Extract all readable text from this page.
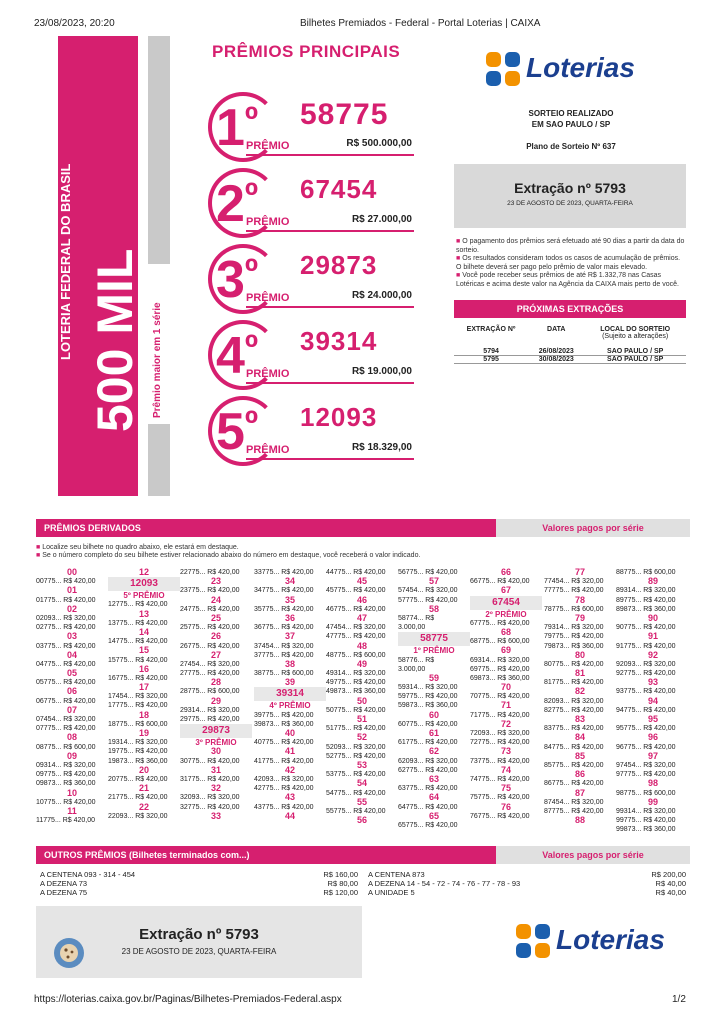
23/08/2023, 20:20	Bilhetes Premiados - Federal - Portal Loterias | CAIXA
LOTERIA FEDERAL DO BRASIL 500 MIL Prêmio maior em 1 série
PRÊMIOS PRINCIPAIS
$1^º$ 58775
PRÊMIO	R$ 500.000,00
$2^º$ 67454
PRÊMIO	R$ 27.000,00
$3^º$ 29873
PRÊMIO	R$ 24.000,00
$4^º$ 39314
PRÊMIO	R$ 19.000,00
$5^º$ 12093
PRÊMIO	R$ 18.329,00
Loterias
SORTEIO REALIZADO
EM SAO PAULO / SP
Plano de Sorteio Nº 637
Extração nº 5793
23 DE AGOSTO DE 2023, QUARTA-FEIRA
■ O pagamento dos prêmios será efetuado até 90 dias a partir da data do sorteio.
■ Os resultados consideram todos os casos de acumulação de prêmios. O bilhete deverá ser pago pelo prêmio de valor mais elevado.
■ Você pode receber seus prêmios de até R$ 1.332,78 nas Casas Lotéricas e acima deste valor na Agência da CAIXA mais perto de você.
PRÓXIMAS EXTRAÇÕES
EXTRAÇÃO Nº	DATA	LOCAL DO SORTEIO
		(Sujeito a alterações)

5794	26/08/2023	SAO PAULO / SP
5795	30/08/2023	SAO PAULO / SP
PRÊMIOS DERIVADOS	Valores pagos por série
■ Localize seu bilhete no quadro abaixo, ele estará em destaque.
■ Se o número completo do seu bilhete estiver relacionado abaixo do número em destaque, você receberá o valor indicado.
00
00775... R$ 420,00
01
01775... R$ 420,00
02
02093... R$ 320,00
02775... R$ 420,00
03
03775... R$ 420,00
04
04775... R$ 420,00
05
05775... R$ 420,00
06
06775... R$ 420,00
07
07454... R$ 320,00
07775... R$ 420,00
08
08775... R$ 600,00
09
09314... R$ 320,00
09775... R$ 420,00
09873... R$ 360,00
10
10775... R$ 420,00
11
11775... R$ 420,00
12
12093
5º PRÊMIO
12775... R$ 420,00
13
13775... R$ 420,00
14
14775... R$ 420,00
15
15775... R$ 420,00
16
16775... R$ 420,00
17
17454... R$ 320,00
17775... R$ 420,00
18
18775... R$ 600,00
19
19314... R$ 320,00
19775... R$ 420,00
19873... R$ 360,00
20
20775... R$ 420,00
21
21775... R$ 420,00
22
22093... R$ 320,00
22775... R$ 420,00
23
23775... R$ 420,00
24
24775... R$ 420,00
25
25775... R$ 420,00
26
26775... R$ 420,00
27
27454... R$ 320,00
27775... R$ 420,00
28
28775... R$ 600,00
29
29314... R$ 320,00
29775... R$ 420,00
29873
3º PRÊMIO
30
30775... R$ 420,00
31
31775... R$ 420,00
32
32093... R$ 320,00
32775... R$ 420,00
33
33775... R$ 420,00
34
34775... R$ 420,00
35
35775... R$ 420,00
36
36775... R$ 420,00
37
37454... R$ 320,00
37775... R$ 420,00
38
38775... R$ 600,00
39
39314
4º PRÊMIO
39775... R$ 420,00
39873... R$ 360,00
40
40775... R$ 420,00
41
41775... R$ 420,00
42
42093... R$ 320,00
42775... R$ 420,00
43
43775... R$ 420,00
44
44775... R$ 420,00
45
45775... R$ 420,00
46
46775... R$ 420,00
47
47454... R$ 320,00
47775... R$ 420,00
48
48775... R$ 600,00
49
49314... R$ 320,00
49775... R$ 420,00
49873... R$ 360,00
50
50775... R$ 420,00
51
51775... R$ 420,00
52
52093... R$ 320,00
52775... R$ 420,00
53
53775... R$ 420,00
54
54775... R$ 420,00
55
55775... R$ 420,00
56
56775... R$ 420,00
57
57454... R$ 320,00
57775... R$ 420,00
58
58774... R$
3.000,00
58775
1º PRÊMIO
58776... R$
3.000,00
59
59314... R$ 320,00
59775... R$ 420,00
59873... R$ 360,00
60
60775... R$ 420,00
61
61775... R$ 420,00
62
62093... R$ 320,00
62775... R$ 420,00
63
63775... R$ 420,00
64
64775... R$ 420,00
65
65775... R$ 420,00
66
66775... R$ 420,00
67
67454
2º PRÊMIO
67775... R$ 420,00
68
68775... R$ 600,00
69
69314... R$ 320,00
69775... R$ 420,00
69873... R$ 360,00
70
70775... R$ 420,00
71
71775... R$ 420,00
72
72093... R$ 320,00
72775... R$ 420,00
73
73775... R$ 420,00
74
74775... R$ 420,00
75
75775... R$ 420,00
76
76775... R$ 420,00
77
77454... R$ 320,00
77775... R$ 420,00
78
78775... R$ 600,00
79
79314... R$ 320,00
79775... R$ 420,00
79873... R$ 360,00
80
80775... R$ 420,00
81
81775... R$ 420,00
82
82093... R$ 320,00
82775... R$ 420,00
83
83775... R$ 420,00
84
84775... R$ 420,00
85
85775... R$ 420,00
86
86775... R$ 420,00
87
87454... R$ 320,00
87775... R$ 420,00
88
88775... R$ 600,00
89
89314... R$ 320,00
89775... R$ 420,00
89873... R$ 360,00
90
90775... R$ 420,00
91
91775... R$ 420,00
92
92093... R$ 320,00
92775... R$ 420,00
93
93775... R$ 420,00
94
94775... R$ 420,00
95
95775... R$ 420,00
96
96775... R$ 420,00
97
97454... R$ 320,00
97775... R$ 420,00
98
98775... R$ 600,00
99
99314... R$ 320,00
99775... R$ 420,00
99873... R$ 360,00
OUTROS PRÊMIOS (Bilhetes terminados com...)	Valores pagos por série
A CENTENA 093 - 314 - 454	R$ 160,00
A DEZENA 73	R$ 80,00
A DEZENA 75	R$ 120,00
A CENTENA 873	R$ 200,00
A DEZENA 14 - 54 - 72 - 74 - 76 - 77 - 78 - 93	R$ 40,00
A UNIDADE 5	R$ 40,00
Extração nº 5793
23 DE AGOSTO DE 2023, QUARTA-FEIRA	Loterias
https://loterias.caixa.gov.br/Paginas/Bilhetes-Premiados-Federal.aspx	1/2
